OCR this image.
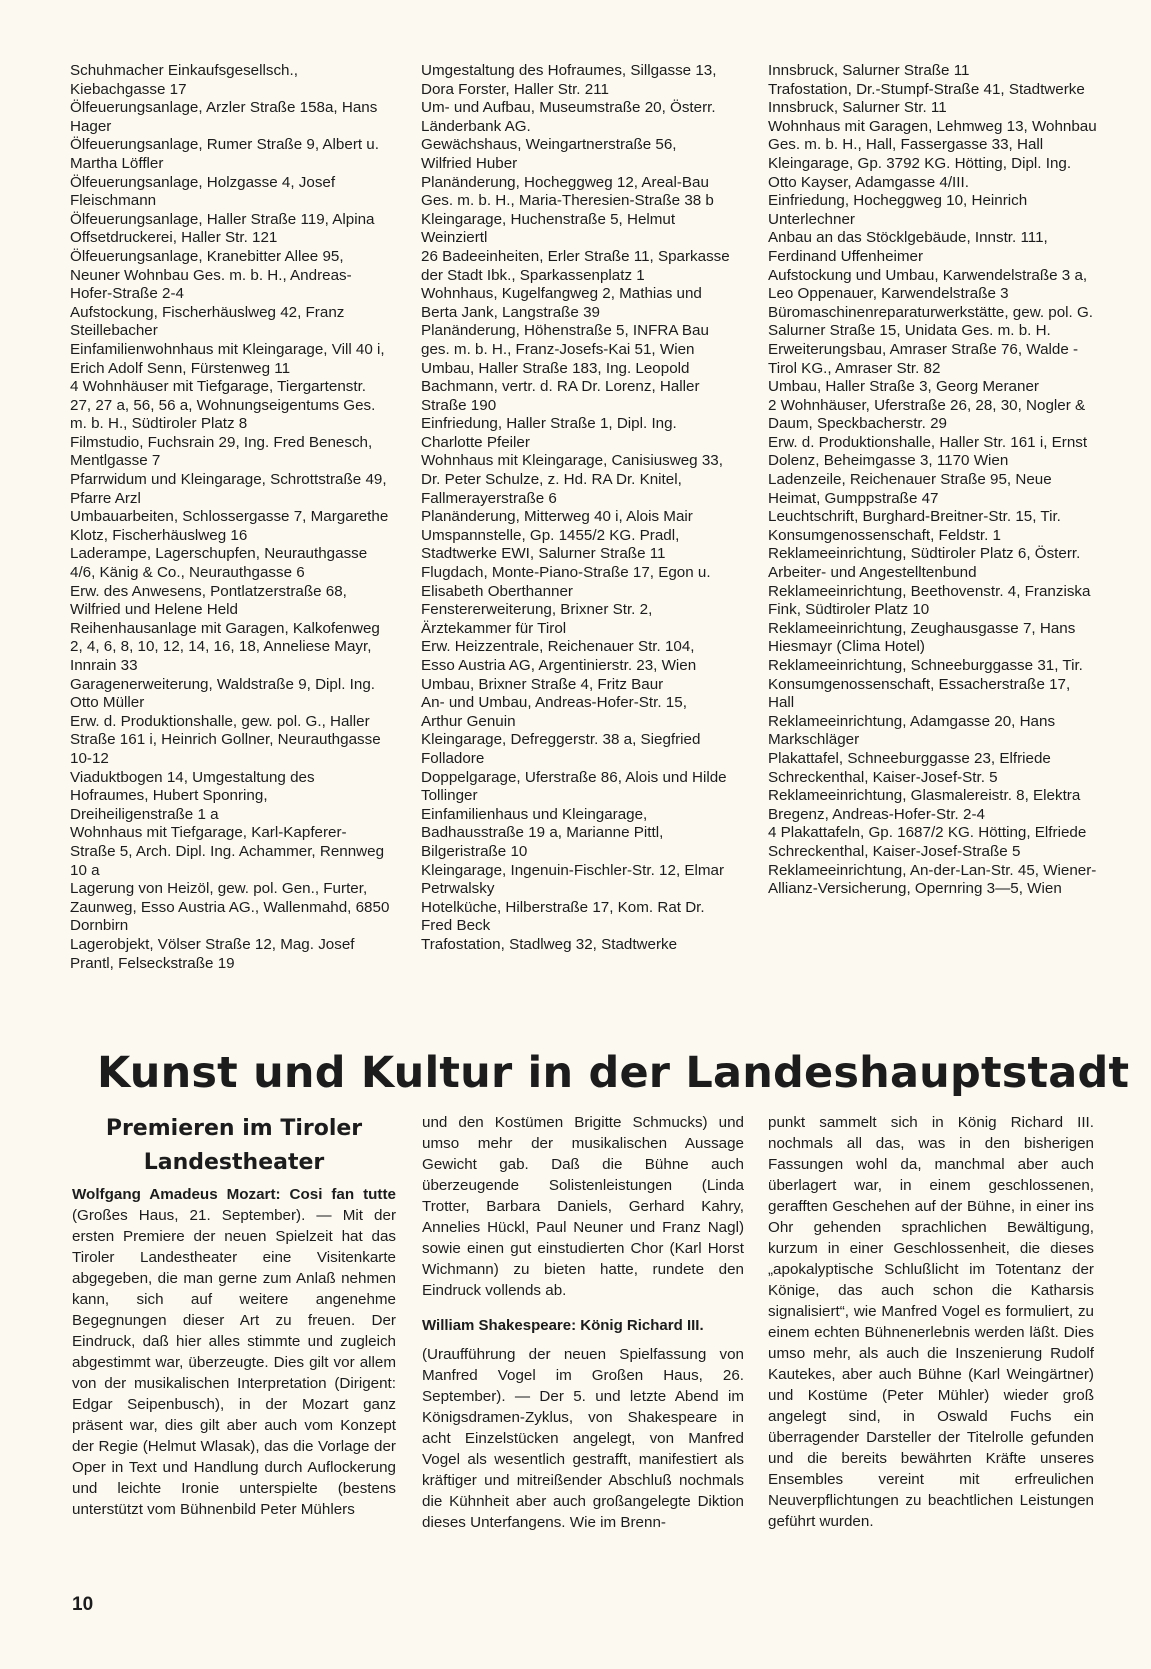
Schuhmacher Einkaufsgesellsch., Kiebachgasse 17

Ölfeuerungsanlage, Arzler Straße 158a, Hans Hager

Ölfeuerungsanlage, Rumer Straße 9, Albert u. Martha Löffler

Ölfeuerungsanlage, Holzgasse 4, Josef Fleischmann

Ölfeuerungsanlage, Haller Straße 119, Alpina Offsetdruckerei, Haller Str. 121

Ölfeuerungsanlage, Kranebitter Allee 95, Neuner Wohnbau Ges. m. b. H., Andreas-Hofer-Straße 2-4

Aufstockung, Fischerhäuslweg 42, Franz Steillebacher

Einfamilienwohnhaus mit Kleingarage, Vill 40 i, Erich Adolf Senn, Fürstenweg 11

4 Wohnhäuser mit Tiefgarage, Tiergartenstr. 27, 27 a, 56, 56 a, Wohnungseigentums Ges. m. b. H., Südtiroler Platz 8

Filmstudio, Fuchsrain 29, Ing. Fred Benesch, Mentlgasse 7

Pfarrwidum und Kleingarage, Schrottstraße 49, Pfarre Arzl

Umbauarbeiten, Schlossergasse 7, Margarethe Klotz, Fischerhäuslweg 16

Laderampe, Lagerschupfen, Neurauthgasse 4/6, Känig & Co., Neurauthgasse 6

Erw. des Anwesens, Pontlatzerstraße 68, Wilfried und Helene Held

Reihenhausanlage mit Garagen, Kalkofenweg 2, 4, 6, 8, 10, 12, 14, 16, 18, Anneliese Mayr, Innrain 33

Garagenerweiterung, Waldstraße 9, Dipl. Ing. Otto Müller

Erw. d. Produktionshalle, gew. pol. G., Haller Straße 161 i, Heinrich Gollner, Neurauthgasse 10-12

Viaduktbogen 14, Umgestaltung des Hofraumes, Hubert Sponring, Dreiheiligenstraße 1 a

Wohnhaus mit Tiefgarage, Karl-Kapferer-Straße 5, Arch. Dipl. Ing. Achammer, Rennweg 10 a

Lagerung von Heizöl, gew. pol. Gen., Furter, Zaunweg, Esso Austria AG., Wallenmahd, 6850 Dornbirn

Lagerobjekt, Völser Straße 12, Mag. Josef Prantl, Felseckstraße 19

Umgestaltung des Hofraumes, Sillgasse 13, Dora Forster, Haller Str. 211

Um- und Aufbau, Museumstraße 20, Österr. Länderbank AG.

Gewächshaus, Weingartnerstraße 56, Wilfried Huber

Planänderung, Hocheggweg 12, Areal-Bau Ges. m. b. H., Maria-Theresien-Straße 38 b

Kleingarage, Huchenstraße 5, Helmut Weinziertl

26 Badeeinheiten, Erler Straße 11, Sparkasse der Stadt Ibk., Sparkassenplatz 1

Wohnhaus, Kugelfangweg 2, Mathias und Berta Jank, Langstraße 39

Planänderung, Höhenstraße 5, INFRA Bau ges. m. b. H., Franz-Josefs-Kai 51, Wien

Umbau, Haller Straße 183, Ing. Leopold Bachmann, vertr. d. RA Dr. Lorenz, Haller Straße 190

Einfriedung, Haller Straße 1, Dipl. Ing. Charlotte Pfeiler

Wohnhaus mit Kleingarage, Canisiusweg 33, Dr. Peter Schulze, z. Hd. RA Dr. Knitel, Fallmerayerstraße 6

Planänderung, Mitterweg 40 i, Alois Mair

Umspannstelle, Gp. 1455/2 KG. Pradl, Stadtwerke EWI, Salurner Straße 11

Flugdach, Monte-Piano-Straße 17, Egon u. Elisabeth Oberthanner

Fenstererweiterung, Brixner Str. 2, Ärztekammer für Tirol

Erw. Heizzentrale, Reichenauer Str. 104, Esso Austria AG, Argentinierstr. 23, Wien

Umbau, Brixner Straße 4, Fritz Baur

An- und Umbau, Andreas-Hofer-Str. 15, Arthur Genuin

Kleingarage, Defreggerstr. 38 a, Siegfried Folladore

Doppelgarage, Uferstraße 86, Alois und Hilde Tollinger

Einfamilienhaus und Kleingarage, Badhausstraße 19 a, Marianne Pittl, Bilgeristraße 10

Kleingarage, Ingenuin-Fischler-Str. 12, Elmar Petrwalsky

Hotelküche, Hilberstraße 17, Kom. Rat Dr. Fred Beck

Trafostation, Stadlweg 32, Stadtwerke

Innsbruck, Salurner Straße 11

Trafostation, Dr.-Stumpf-Straße 41, Stadtwerke Innsbruck, Salurner Str. 11

Wohnhaus mit Garagen, Lehmweg 13, Wohnbau Ges. m. b. H., Hall, Fassergasse 33, Hall

Kleingarage, Gp. 3792 KG. Hötting, Dipl. Ing. Otto Kayser, Adamgasse 4/III.

Einfriedung, Hocheggweg 10, Heinrich Unterlechner

Anbau an das Stöcklgebäude, Innstr. 111, Ferdinand Uffenheimer

Aufstockung und Umbau, Karwendelstraße 3 a, Leo Oppenauer, Karwendelstraße 3

Büromaschinenreparaturwerkstätte, gew. pol. G. Salurner Straße 15, Unidata Ges. m. b. H.

Erweiterungsbau, Amraser Straße 76, Walde - Tirol KG., Amraser Str. 82

Umbau, Haller Straße 3, Georg Meraner

2 Wohnhäuser, Uferstraße 26, 28, 30, Nogler & Daum, Speckbacherstr. 29

Erw. d. Produktionshalle, Haller Str. 161 i, Ernst Dolenz, Beheimgasse 3, 1170 Wien

Ladenzeile, Reichenauer Straße 95, Neue Heimat, Gumppstraße 47

Leuchtschrift, Burghard-Breitner-Str. 15, Tir. Konsumgenossenschaft, Feldstr. 1

Reklameeinrichtung, Südtiroler Platz 6, Österr. Arbeiter- und Angestelltenbund

Reklameeinrichtung, Beethovenstr. 4, Franziska Fink, Südtiroler Platz 10

Reklameeinrichtung, Zeughausgasse 7, Hans Hiesmayr (Clima Hotel)

Reklameeinrichtung, Schneeburggasse 31, Tir. Konsumgenossenschaft, Essacherstraße 17, Hall

Reklameeinrichtung, Adamgasse 20, Hans Markschläger

Plakattafel, Schneeburggasse 23, Elfriede Schreckenthal, Kaiser-Josef-Str. 5

Reklameeinrichtung, Glasmalereistr. 8, Elektra Bregenz, Andreas-Hofer-Str. 2-4

4 Plakattafeln, Gp. 1687/2 KG. Hötting, Elfriede Schreckenthal, Kaiser-Josef-Straße 5

Reklameeinrichtung, An-der-Lan-Str. 45, Wiener-Allianz-Versicherung, Opernring 3—5, Wien

Kunst und Kultur in der Landeshauptstadt
Premieren im Tiroler Landestheater

Wolfgang Amadeus Mozart: Cosi fan tutte (Großes Haus, 21. September). — Mit der ersten Premiere der neuen Spielzeit hat das Tiroler Landestheater eine Visitenkarte abgegeben, die man gerne zum Anlaß nehmen kann, sich auf weitere angenehme Begegnungen dieser Art zu freuen. Der Eindruck, daß hier alles stimmte und zugleich abgestimmt war, überzeugte. Dies gilt vor allem von der musikalischen Interpretation (Dirigent: Edgar Seipenbusch), in der Mozart ganz präsent war, dies gilt aber auch vom Konzept der Regie (Helmut Wlasak), das die Vorlage der Oper in Text und Handlung durch Auflockerung und leichte Ironie unterspielte (bestens unterstützt vom Bühnenbild Peter Mühlers

und den Kostümen Brigitte Schmucks) und umso mehr der musikalischen Aussage Gewicht gab. Daß die Bühne auch überzeugende Solistenleistungen (Linda Trotter, Barbara Daniels, Gerhard Kahry, Annelies Hückl, Paul Neuner und Franz Nagl) sowie einen gut einstudierten Chor (Karl Horst Wichmann) zu bieten hatte, rundete den Eindruck vollends ab.

William Shakespeare: König Richard III.

(Uraufführung der neuen Spielfassung von Manfred Vogel im Großen Haus, 26. September). — Der 5. und letzte Abend im Königsdramen-Zyklus, von Shakespeare in acht Einzelstücken angelegt, von Manfred Vogel als wesentlich gestrafft, manifestiert als kräftiger und mitreißender Abschluß nochmals die Kühnheit aber auch großangelegte Diktion dieses Unterfangens. Wie im Brenn-

punkt sammelt sich in König Richard III. nochmals all das, was in den bisherigen Fassungen wohl da, manchmal aber auch überlagert war, in einem geschlossenen, gerafften Geschehen auf der Bühne, in einer ins Ohr gehenden sprachlichen Bewältigung, kurzum in einer Geschlossenheit, die dieses „apokalyptische Schlußlicht im Totentanz der Könige, das auch schon die Katharsis signalisiert“, wie Manfred Vogel es formuliert, zu einem echten Bühnenerlebnis werden läßt. Dies umso mehr, als auch die Inszenierung Rudolf Kautekes, aber auch Bühne (Karl Weingärtner) und Kostüme (Peter Mühler) wieder groß angelegt sind, in Oswald Fuchs ein überragender Darsteller der Titelrolle gefunden und die bereits bewährten Kräfte unseres Ensembles vereint mit erfreulichen Neuverpflichtungen zu beachtlichen Leistungen geführt wurden.

10
